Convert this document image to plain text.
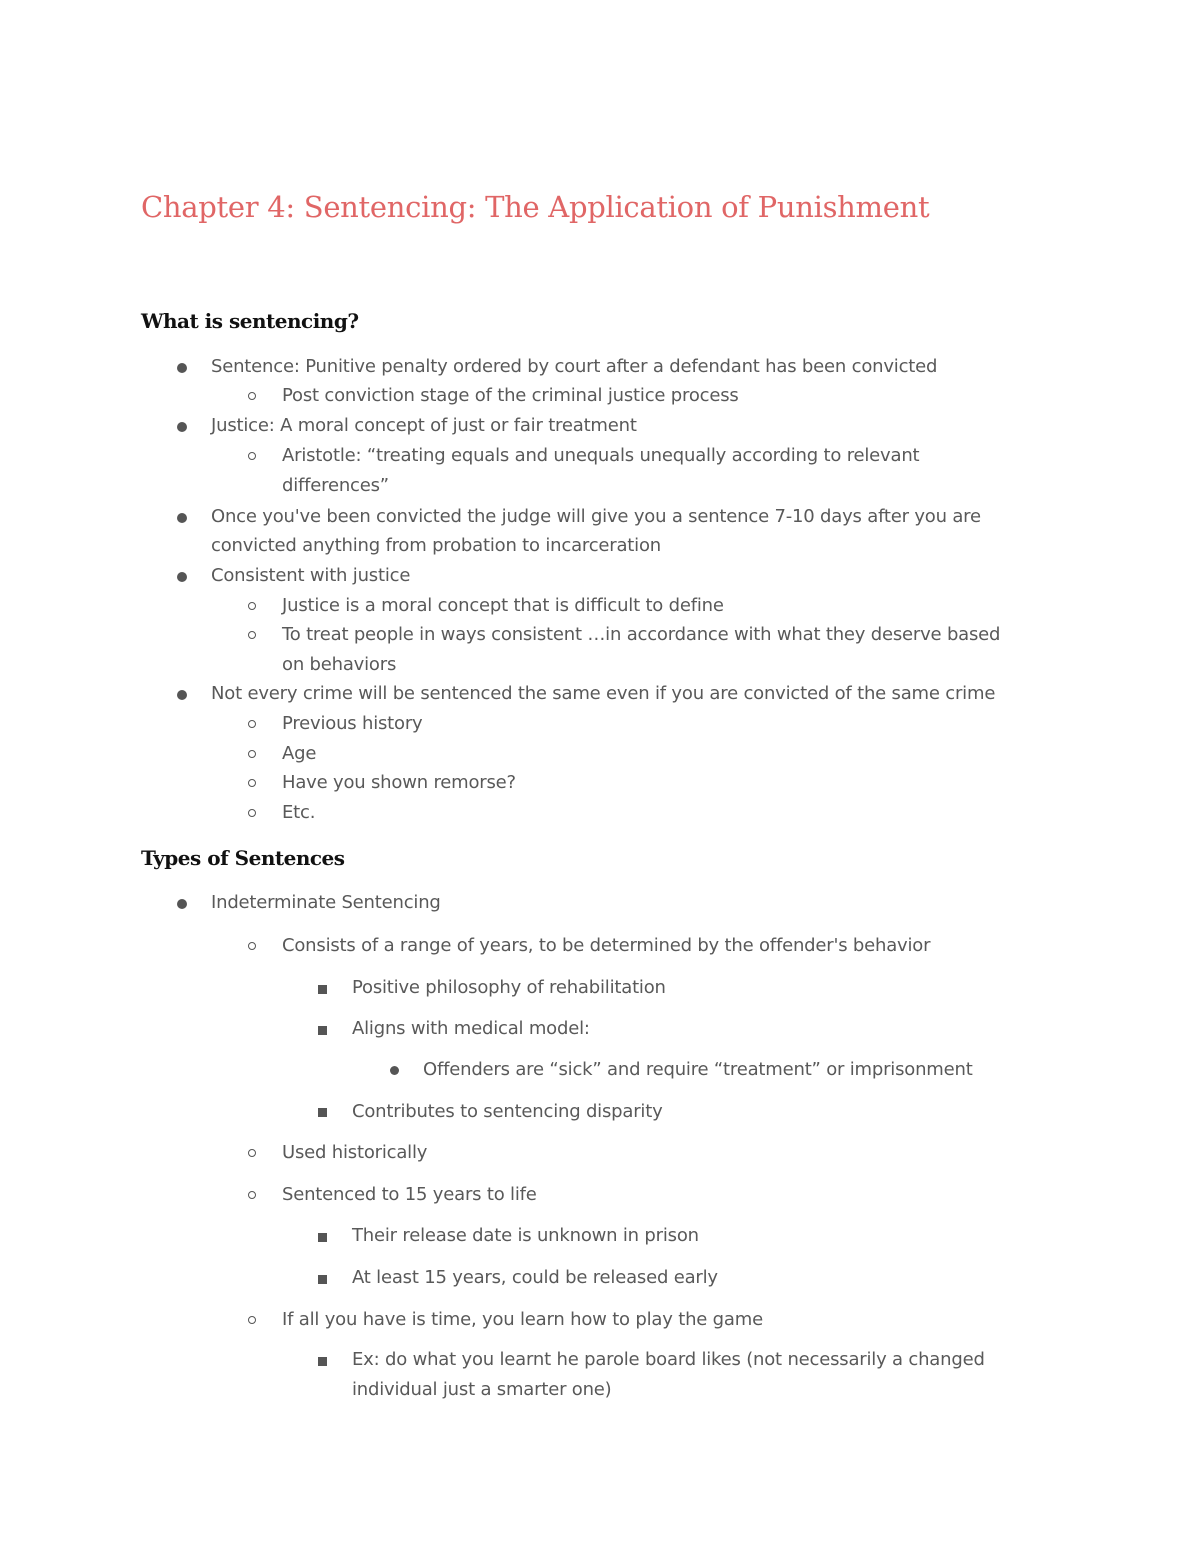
Chapter 4: Sentencing: The Application of Punishment
What is sentencing?
Sentence: Punitive penalty ordered by court after a defendant has been convicted
Post conviction stage of the criminal justice process
Justice: A moral concept of just or fair treatment
Aristotle: “treating equals and unequals unequally according to relevant
differences”
Once you've been convicted the judge will give you a sentence 7-10 days after you are
convicted anything from probation to incarceration
Consistent with justice
Justice is a moral concept that is difficult to define
To treat people in ways consistent …in accordance with what they deserve based
on behaviors
Not every crime will be sentenced the same even if you are convicted of the same crime
Previous history
Age
Have you shown remorse?
Etc.
Types of Sentences
Indeterminate Sentencing
Consists of a range of years, to be determined by the offender's behavior
Positive philosophy of rehabilitation
Aligns with medical model:
Offenders are “sick” and require “treatment” or imprisonment
Contributes to sentencing disparity
Used historically
Sentenced to 15 years to life
Their release date is unknown in prison
At least 15 years, could be released early
If all you have is time, you learn how to play the game
Ex: do what you learnt he parole board likes (not necessarily a changed
individual just a smarter one)
